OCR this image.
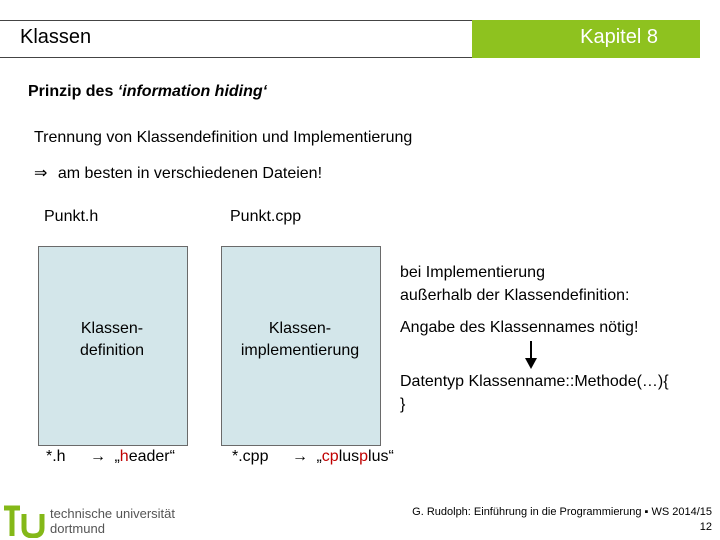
Klassen	Kapitel 8
Prinzip des ‘information hiding‘
Trennung von Klassendefinition und Implementierung
⇒ am besten in verschiedenen Dateien!
Punkt.h	Punkt.cpp
Klassen-
definition
Klassen-
implementierung
bei Implementierung
außerhalb der Klassendefinition:
Angabe des Klassennames nötig!
Datentyp Klassenname::Methode(…){
}
*.h → „header“	*.cpp → „cplusplus“
technische universität
dortmund
G. Rudolph: Einführung in die Programmierung ▪ WS 2014/15
12
